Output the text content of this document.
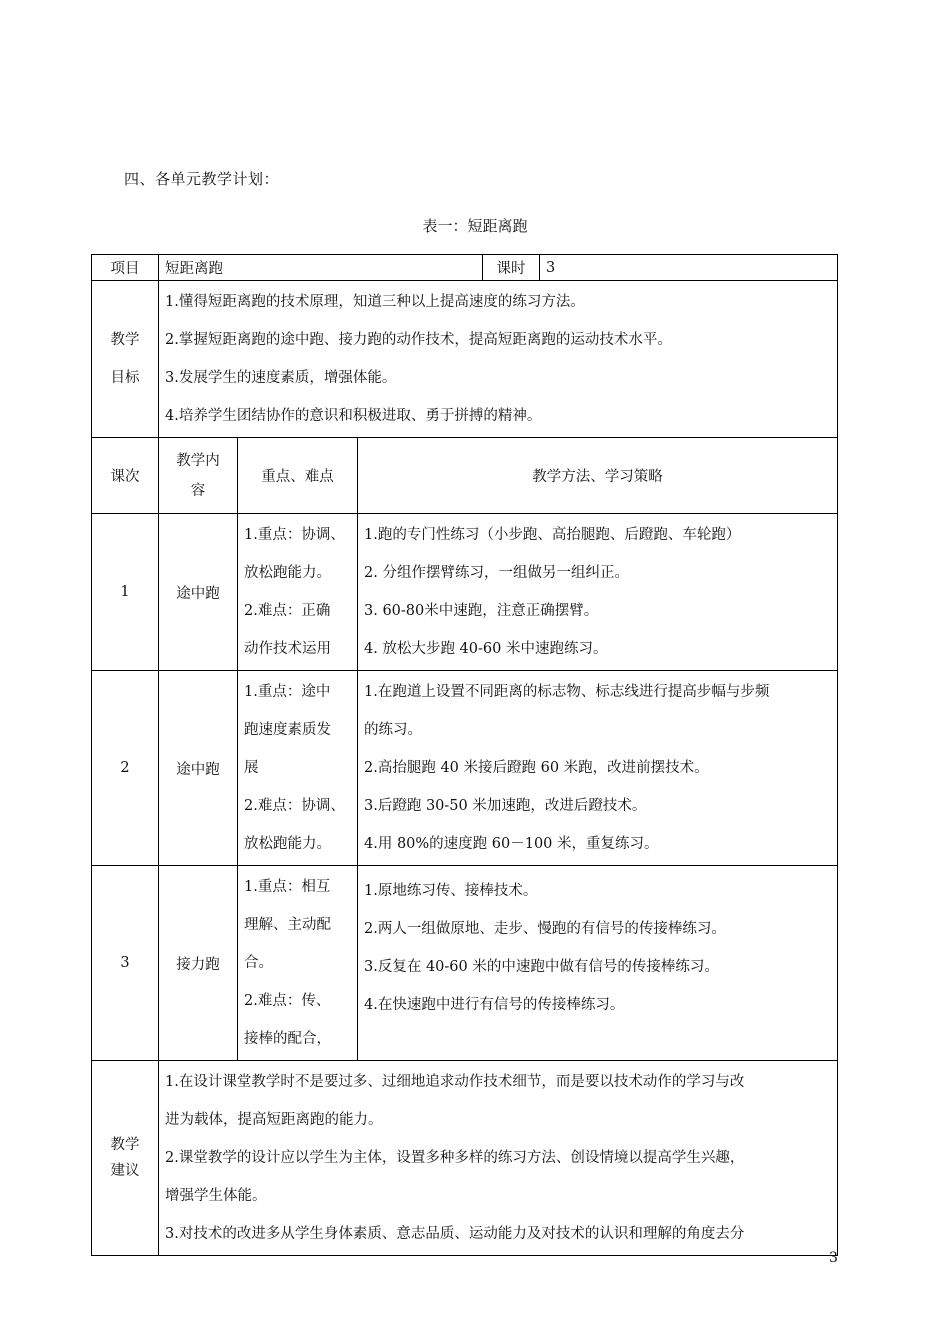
四、各单元教学计划：
表一：短距离跑
项目	短距离跑			课时	3

教学
目标	1.懂得短距离跑的技术原理，知道三种以上提高速度的练习方法。
2.掌握短距离跑的途中跑、接力跑的动作技术，提高短距离跑的运动技术水平。
3.发展学生的速度素质，增强体能。
4.培养学生团结协作的意识和积极进取、勇于拼搏的精神。				

课次	教学内
容	重点、难点	教学方法、学习策略		
1	途中跑	1.重点：协调、
放松跑能力。
2.难点：正确
动作技术运用	1.跑的专门性练习（小步跑、高抬腿跑、后蹬跑、车轮跑）
2. 分组作摆臂练习，一组做另一组纠正。
3. 60-80米中速跑，注意正确摆臂。
4. 放松大步跑 40-60 米中速跑练习。		

2	途中跑	1.重点：途中
跑速度素质发
展
2.难点：协调、
放松跑能力。	1.在跑道上设置不同距离的标志物、标志线进行提高步幅与步频
的练习。
2.高抬腿跑 40 米接后蹬跑 60 米跑，改进前摆技术。
3.后蹬跑 30-50 米加速跑，改进后蹬技术。
4.用 80%的速度跑 60－100 米，重复练习。		

3	接力跑	1.重点：相互
理解、主动配
合。
2.难点：传、
接棒的配合，	1.原地练习传、接棒技术。
2.两人一组做原地、走步、慢跑的有信号的传接棒练习。
3.反复在 40-60 米的中速跑中做有信号的传接棒练习。
4.在快速跑中进行有信号的传接棒练习。		

教学
建议	1.在设计课堂教学时不是要过多、过细地追求动作技术细节，而是要以技术动作的学习与改
进为载体，提高短距离跑的能力。
2.课堂教学的设计应以学生为主体，设置多种多样的练习方法、创设情境以提高学生兴趣，
增强学生体能。
3.对技术的改进多从学生身体素质、意志品质、运动能力及对技术的认识和理解的角度去分				
3
